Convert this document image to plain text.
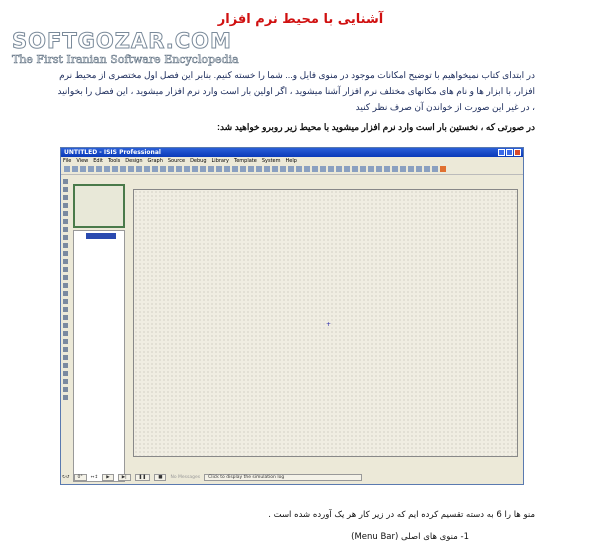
آشنایی با محیط نرم افزار
SOFTGOZAR.COM
The First Iranian Software Encyclopedia
در ابتدای کتاب نمیخواهیم با توضیح امکانات موجود در منوی فایل و... شما را خسته کنیم. بنابر این فصل اول مختصری از محیط نرم
افزار، با ابزار ها و نام های مکانهای مختلف نرم افزار آشنا میشوید ، اگر اولین بار است وارد نرم افزار میشوید ، این فصل را بخوانید
، در غیر این صورت از خواندن آن صرف نظر کنید
در صورتی که ، نخستین بار است وارد نرم افزار میشوید با محیط زیر روبرو خواهید شد:
UNTITLED - ISIS Professional
File View Edit Tools Design Graph Source Debug Library Template System Help
+
↻↺	0°	↔↕	▶	▶|	❚❚	■	No Messages	Click to display the simulation log
منو ها را 6 به دسته تقسیم کرده ایم که در زیر کار هر یک آورده شده است .
1- منوی های اصلی (Menu Bar)
